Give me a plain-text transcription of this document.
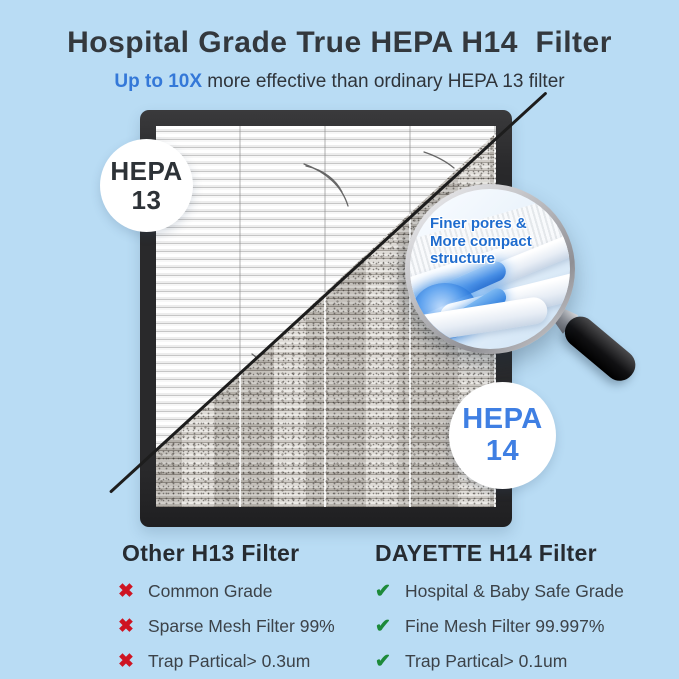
Hospital Grade True HEPA H14  Filter
Up to 10X more effective than ordinary HEPA 13 filter
HEPA
13
Finer pores &
More compact
structure
HEPA
14
Other H13 Filter
✖ Common Grade
✖ Sparse Mesh Filter 99%
✖ Trap Partical> 0.3um
DAYETTE H14 Filter
✔ Hospital & Baby Safe Grade
✔ Fine Mesh Filter 99.997%
✔ Trap Partical> 0.1um
